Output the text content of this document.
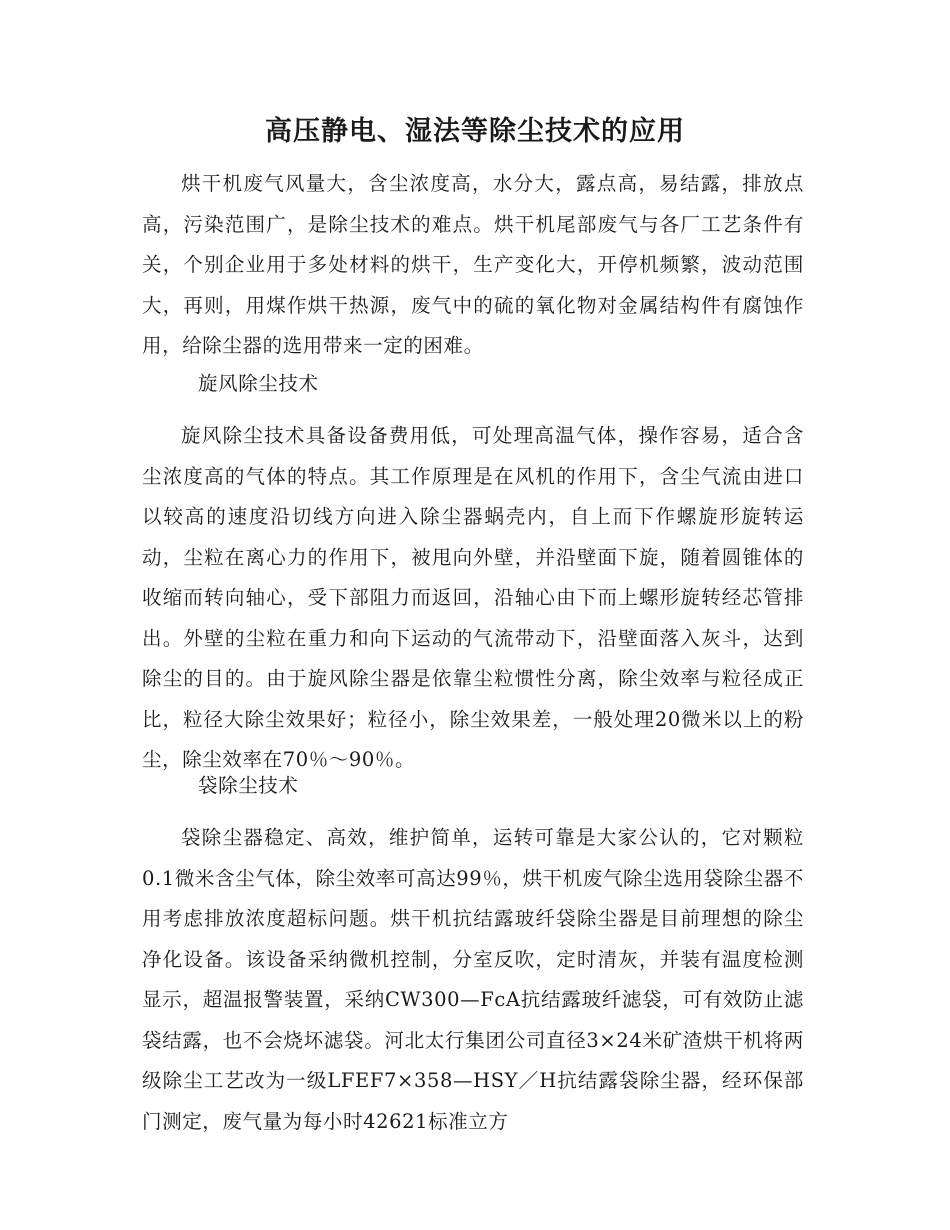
高压静电、湿法等除尘技术的应用

烘干机废气风量大，含尘浓度高，水分大，露点高，易结露，排放点高，污染范围广，是除尘技术的难点。烘干机尾部废气与各厂工艺条件有关，个别企业用于多处材料的烘干，生产变化大，开停机频繁，波动范围大，再则，用煤作烘干热源，废气中的硫的氧化物对金属结构件有腐蚀作用，给除尘器的选用带来一定的困难。

旋风除尘技术

旋风除尘技术具备设备费用低，可处理高温气体，操作容易，适合含尘浓度高的气体的特点。其工作原理是在风机的作用下，含尘气流由进口以较高的速度沿切线方向进入除尘器蜗壳内，自上而下作螺旋形旋转运动，尘粒在离心力的作用下，被甩向外壁，并沿壁面下旋，随着圆锥体的收缩而转向轴心，受下部阻力而返回，沿轴心由下而上螺形旋转经芯管排出。外壁的尘粒在重力和向下运动的气流带动下，沿壁面落入灰斗，达到除尘的目的。由于旋风除尘器是依靠尘粒惯性分离，除尘效率与粒径成正比，粒径大除尘效果好；粒径小，除尘效果差，一般处理20微米以上的粉尘，除尘效率在70％～90％。

袋除尘技术

袋除尘器稳定、高效，维护简单，运转可靠是大家公认的，它对颗粒0.1微米含尘气体，除尘效率可高达99％，烘干机废气除尘选用袋除尘器不用考虑排放浓度超标问题。烘干机抗结露玻纤袋除尘器是目前理想的除尘净化设备。该设备采纳微机控制，分室反吹，定时清灰，并装有温度检测显示，超温报警装置，采纳CW300—FcA抗结露玻纤滤袋，可有效防止滤袋结露，也不会烧坏滤袋。河北太行集团公司直径3×24米矿渣烘干机将两级除尘工艺改为一级LFEF7×358—HSY／H抗结露袋除尘器，经环保部门测定，废气量为每小时42621标准立方
